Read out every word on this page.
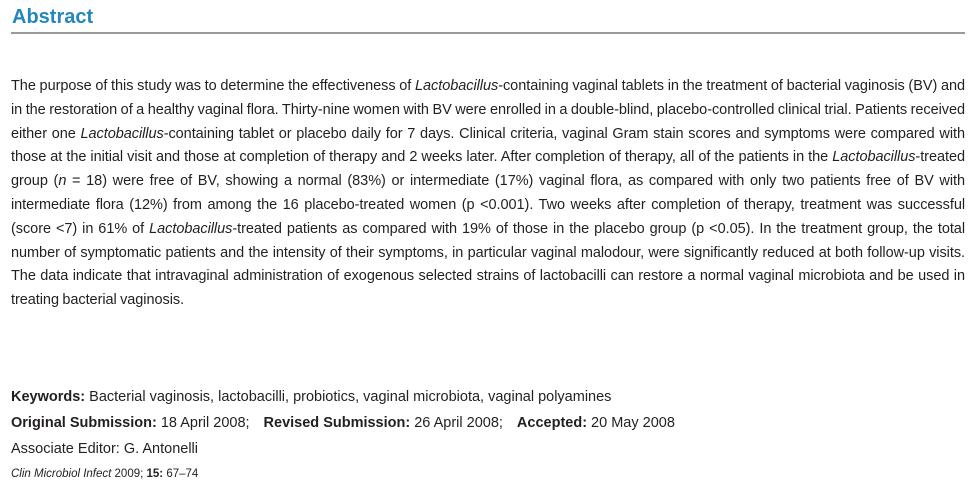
Abstract

The purpose of this study was to determine the effectiveness of Lactobacillus-containing vaginal tablets in the treatment of bacterial vaginosis (BV) and in the restoration of a healthy vaginal flora. Thirty-nine women with BV were enrolled in a double-blind, placebo-controlled clinical trial. Patients received either one Lactobacillus-containing tablet or placebo daily for 7 days. Clinical criteria, vaginal Gram stain scores and symptoms were compared with those at the initial visit and those at completion of therapy and 2 weeks later. After completion of therapy, all of the patients in the Lactobacillus-treated group (n = 18) were free of BV, showing a normal (83%) or intermediate (17%) vaginal flora, as compared with only two patients free of BV with intermediate flora (12%) from among the 16 placebo-treated women (p <0.001). Two weeks after completion of therapy, treatment was successful (score <7) in 61% of Lactobacillus-treated patients as compared with 19% of those in the placebo group (p <0.05). In the treatment group, the total number of symptomatic patients and the intensity of their symptoms, in particular vaginal malodour, were significantly reduced at both follow-up visits. The data indicate that intravaginal administration of exogenous selected strains of lactobacilli can restore a normal vaginal microbiota and be used in treating bacterial vaginosis.

Keywords: Bacterial vaginosis, lactobacilli, probiotics, vaginal microbiota, vaginal polyamines
Original Submission: 18 April 2008; Revised Submission: 26 April 2008; Accepted: 20 May 2008
Associate Editor: G. Antonelli
Clin Microbiol Infect 2009; 15: 67–74
